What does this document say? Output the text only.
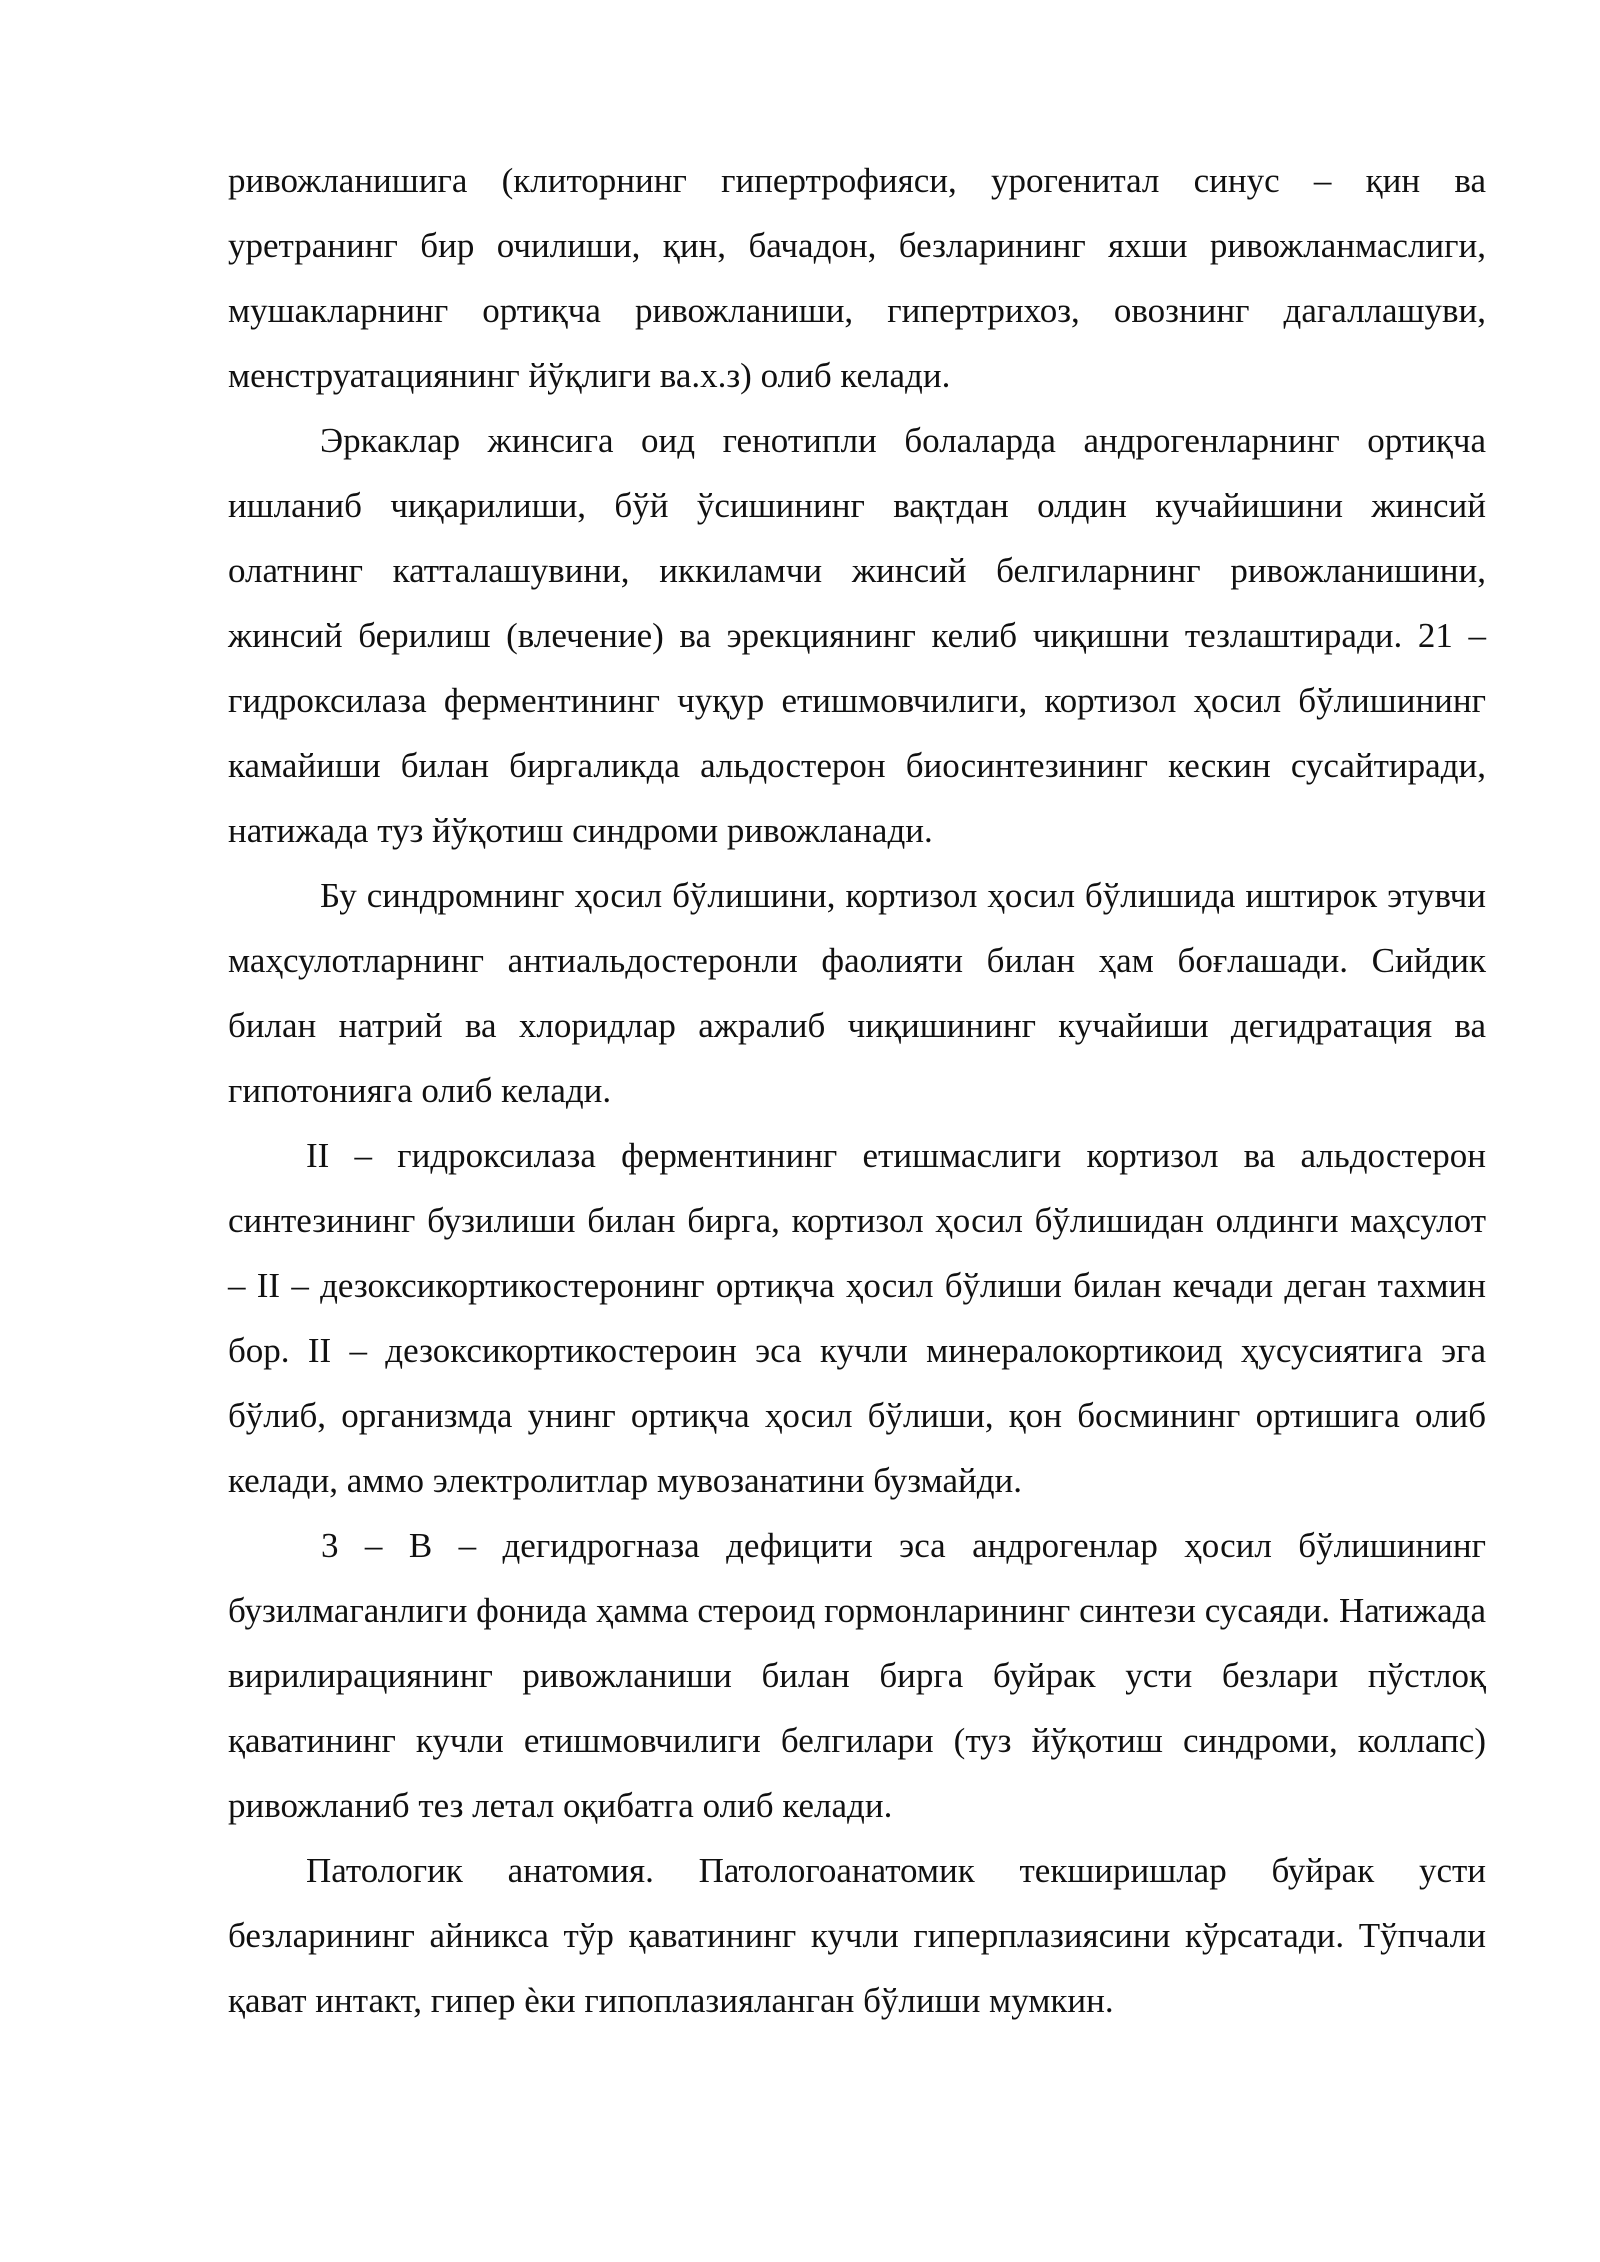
ривожланишига (клиторнинг гипертрофияси, урогенитал синус – қин ва уретранинг бир очилиши, қин, бачадон, безларининг яхши ривожланмаслиги, мушакларнинг ортиқча ривожланиши, гипертрихоз, овознинг дагаллашуви, менструатациянинг йўқлиги ва.х.з) олиб келади.

Эркаклар жинсига оид генотипли болаларда андрогенларнинг ортиқча ишланиб чиқарилиши, бўй ўсишининг вақтдан олдин кучайишини жинсий олатнинг катталашувини, иккиламчи жинсий белгиларнинг ривожланишини, жинсий берилиш (влечение) ва эрекциянинг келиб чиқишни тезлаштиради. 21 – гидроксилаза ферментининг чуқур етишмовчилиги, кортизол ҳосил бўлишининг камайиши билан биргаликда альдостерон биосинтезининг кескин сусайтиради, натижада туз йўқотиш синдроми ривожланади.

Бу синдромнинг ҳосил бўлишини, кортизол ҳосил бўлишида иштирок этувчи маҳсулотларнинг антиальдостеронли фаолияти билан ҳам боғлашади. Сийдик билан натрий ва хлоридлар ажралиб чиқишининг кучайиши дегидратация ва гипотонияга олиб келади.

II – гидроксилаза ферментининг етишмаслиги кортизол ва альдостерон синтезининг бузилиши билан бирга, кортизол ҳосил бўлишидан олдинги маҳсулот – II – дезоксикортикостеронинг ортиқча ҳосил бўлиши билан кечади деган тахмин бор. II – дезоксикортикостероин эса кучли минералокортикоид ҳусусиятига эга бўлиб, организмда унинг ортиқча ҳосил бўлиши, қон босмининг ортишига олиб келади, аммо электролитлар мувозанатини бузмайди.

3 – В – дегидрогназа дефицити эса андрогенлар ҳосил бўлишининг бузилмаганлиги фонида ҳамма стероид гормонларининг синтези сусаяди. Натижада вирилирациянинг ривожланиши билан бирга буйрак усти безлари пўстлоқ қаватининг кучли етишмовчилиги белгилари (туз йўқотиш синдроми, коллапс) ривожланиб тез летал оқибатга олиб келади.

Патологик анатомия. Патологоанатомик текширишлар буйрак усти безларининг айникса тўр қаватининг кучли гиперплазиясини кўрсатади. Тўпчали қават интакт, гипер ѐки гипоплазияланган бўлиши мумкин.
